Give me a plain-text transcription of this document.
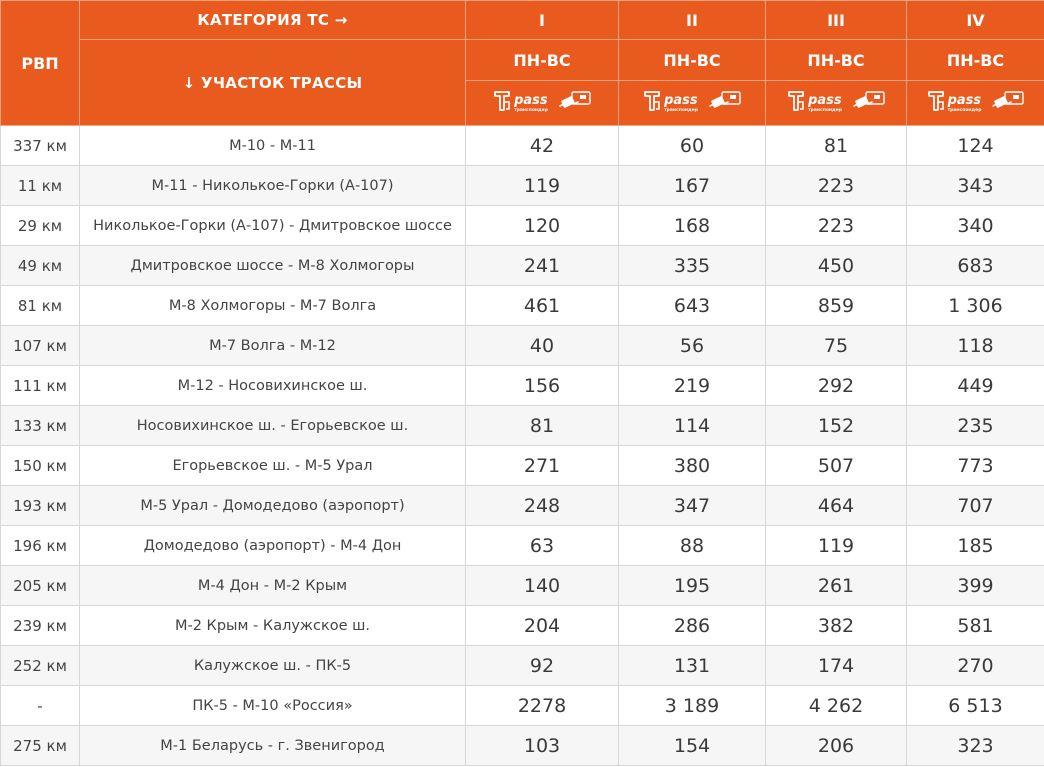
РВП	КАТЕГОРИЯ ТС →	I	II	III	IV
	↓ УЧАСТОК ТРАССЫ	ПН-ВС	ПН-ВС	ПН-ВС	ПН-ВС

		pass
транспондер	pass
транспондер	pass
транспондер	pass
транспондер

337 км	М-10 - М-11	42	60	81	124
11 км	М-11 - Николькое-Горки (А-107)	119	167	223	343
29 км	Николькое-Горки (А-107) - Дмитровское шоссе	120	168	223	340
49 км	Дмитровское шоссе - М-8 Холмогоры	241	335	450	683
81 км	М-8 Холмогоры - М-7 Волга	461	643	859	1 306
107 км	М-7 Волга - М-12	40	56	75	118
111 км	М-12 - Носовихинское ш.	156	219	292	449
133 км	Носовихинское ш. - Егорьевское ш.	81	114	152	235
150 км	Егорьевское ш. - М-5 Урал	271	380	507	773
193 км	М-5 Урал - Домодедово (аэропорт)	248	347	464	707
196 км	Домодедово (аэропорт) - М-4 Дон	63	88	119	185
205 км	М-4 Дон - М-2 Крым	140	195	261	399
239 км	М-2 Крым - Калужское ш.	204	286	382	581
252 км	Калужское ш. - ПК-5	92	131	174	270
-	ПК-5 - М-10 «Россия»	2278	3 189	4 262	6 513
275 км	М-1 Беларусь - г. Звенигород	103	154	206	323
